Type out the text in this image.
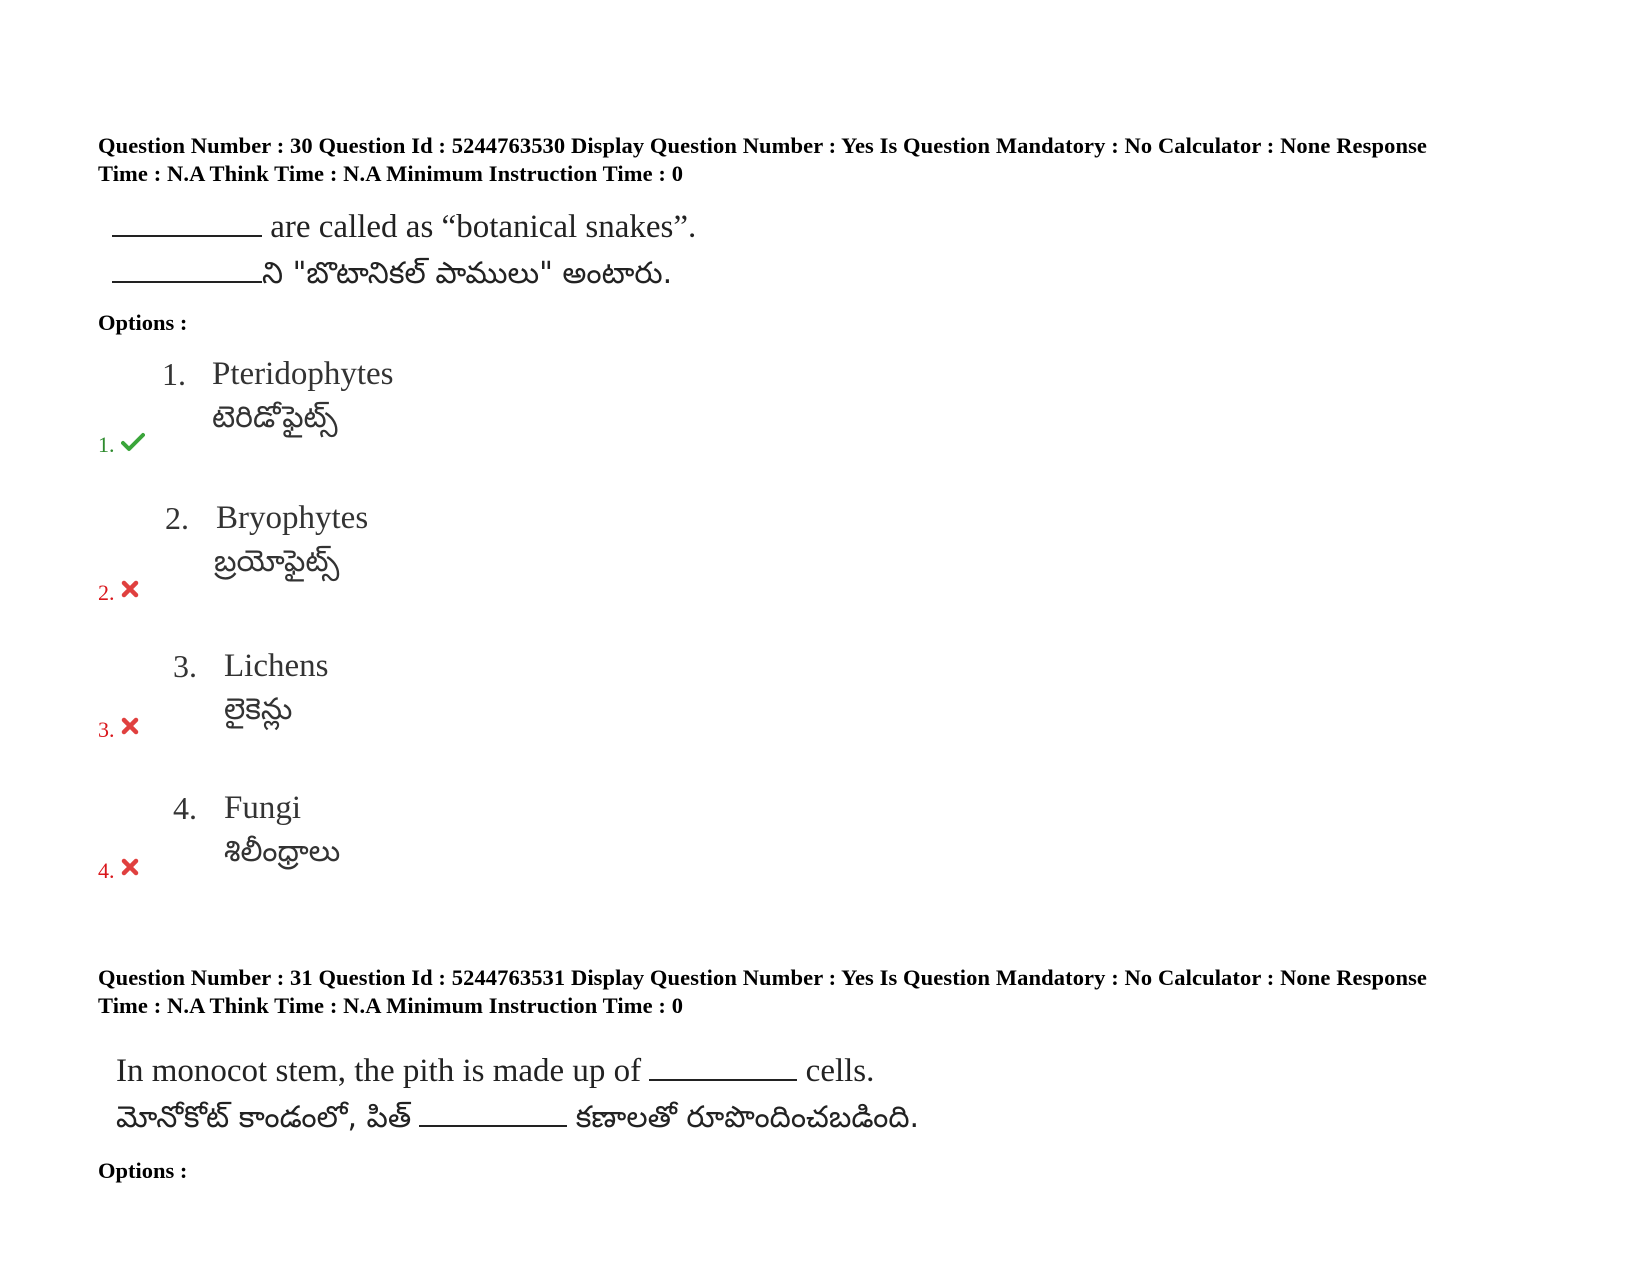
Question Number : 30 Question Id : 5244763530 Display Question Number : Yes Is Question Mandatory : No Calculator : None Response
Time : N.A Think Time : N.A Minimum Instruction Time : 0
are called as “botanical snakes”.
ని "బొటానికల్ పాములు" అంటారు.
Options :
1. Pteridophytes
టెరిడోఫైట్స్
1.
2. Bryophytes
బ్రయోఫైట్స్
2.
3. Lichens
లైకెన్లు
3.
4. Fungi
శిలీంధ్రాలు
4.
Question Number : 31 Question Id : 5244763531 Display Question Number : Yes Is Question Mandatory : No Calculator : None Response
Time : N.A Think Time : N.A Minimum Instruction Time : 0
In monocot stem, the pith is made up of	cells.
మోనోకోట్ కాండంలో, పిత్	కణాలతో రూపొందించబడింది.
Options :
